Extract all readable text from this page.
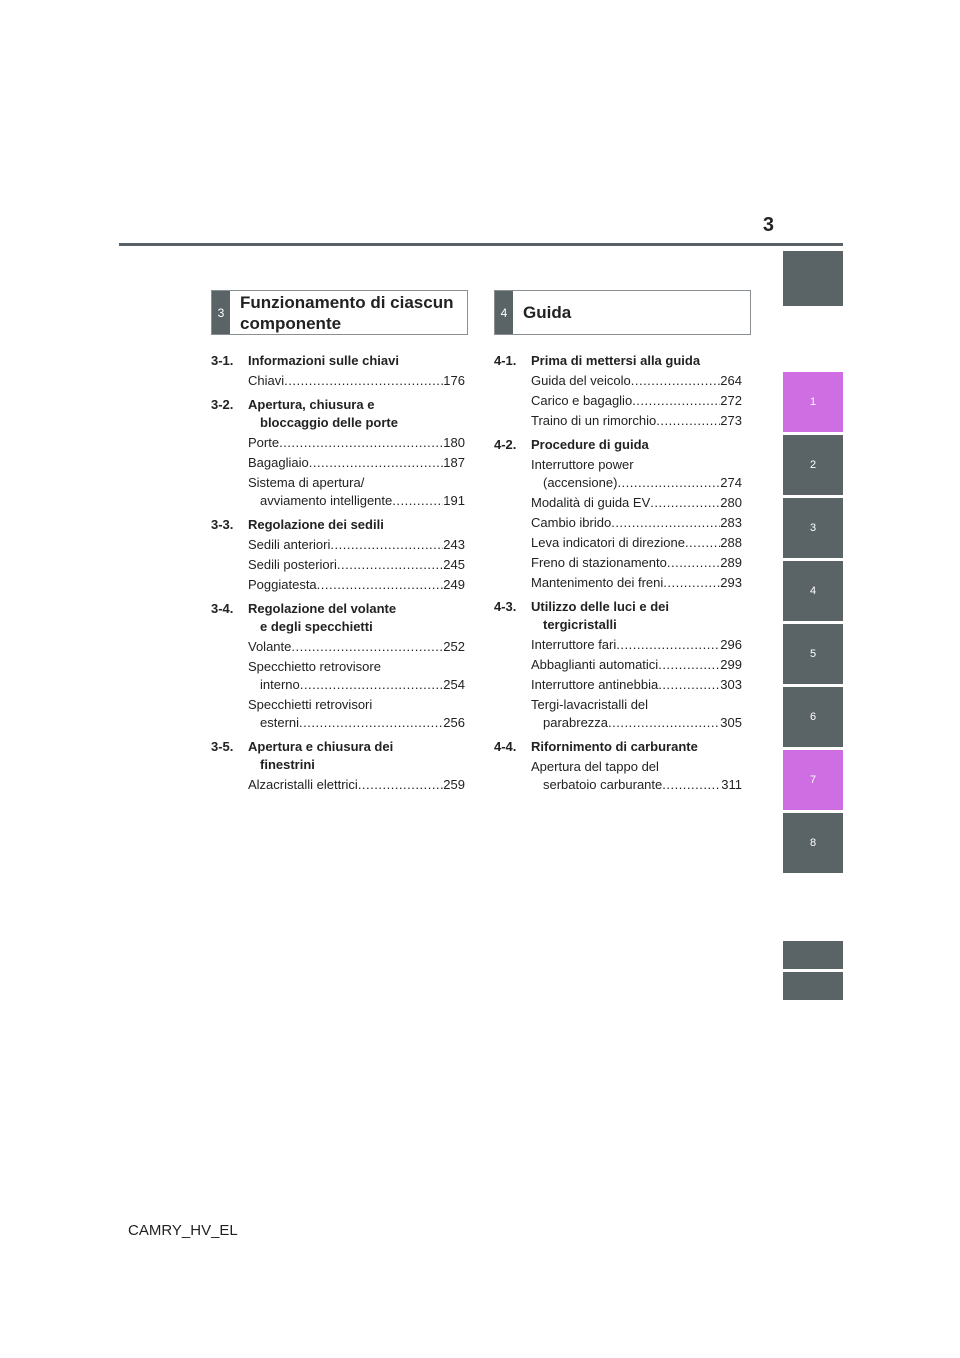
3
1
2
3
4
5
6
7
8
3
Funzionamento di ciascun
componente
4 Guida
3-1.	Informazioni sulle chiavi
Chiavi .....	176
3-2.	Apertura, chiusura e
bloccaggio delle porte
Porte .....	180
Bagagliaio .....	187
Sistema di apertura/
avviamento intelligente .....	191
3-3.	Regolazione dei sedili
Sedili anteriori .....	243
Sedili posteriori .....	245
Poggiatesta .....	249
3-4.	Regolazione del volante
e degli specchietti
Volante .....	252
Specchietto retrovisore
interno .....	254
Specchietti retrovisori
esterni .....	256
3-5.	Apertura e chiusura dei
finestrini
Alzacristalli elettrici .....	259
4-1.	Prima di mettersi alla guida
Guida del veicolo .....	264
Carico e bagaglio .....	272
Traino di un rimorchio .....	273
4-2.	Procedure di guida
Interruttore power
(accensione) .....	274
Modalità di guida EV .....	280
Cambio ibrido .....	283
Leva indicatori di direzione .....	288
Freno di stazionamento .....	289
Mantenimento dei freni .....	293
4-3.	Utilizzo delle luci e dei
tergicristalli
Interruttore fari .....	296
Abbaglianti automatici .....	299
Interruttore antinebbia .....	303
Tergi-lavacristalli del
parabrezza .....	305
4-4.	Rifornimento di carburante
Apertura del tappo del
serbatoio carburante .....	311
CAMRY_HV_EL
